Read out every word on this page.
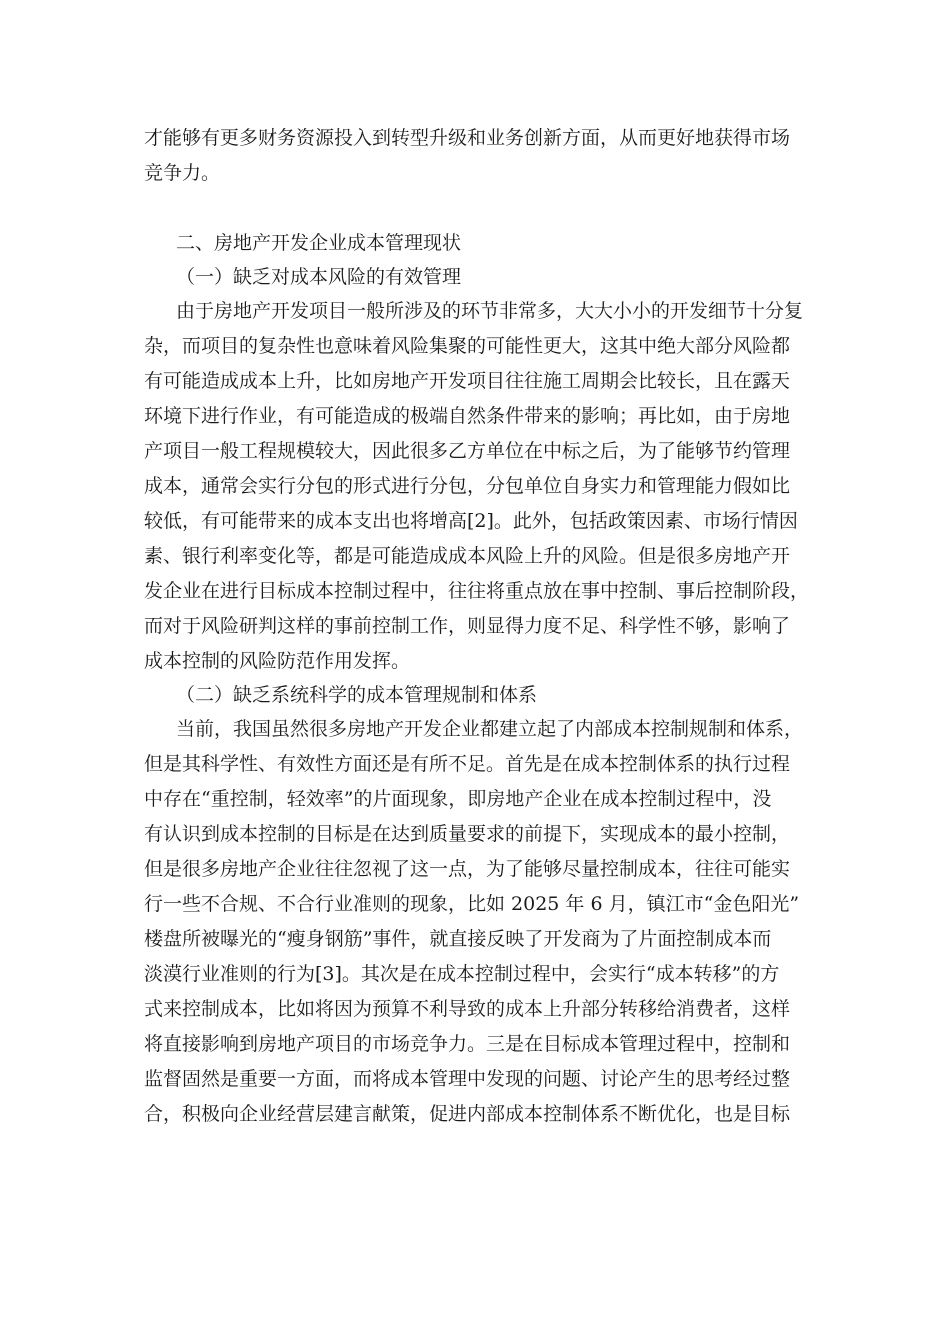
才能够有更多财务资源投入到转型升级和业务创新方面，从而更好地获得市场
竞争力。
二、房地产开发企业成本管理现状
（一）缺乏对成本风险的有效管理
由于房地产开发项目一般所涉及的环节非常多，大大小小的开发细节十分复
杂，而项目的复杂性也意味着风险集聚的可能性更大，这其中绝大部分风险都
有可能造成成本上升，比如房地产开发项目往往施工周期会比较长，且在露天
环境下进行作业，有可能造成的极端自然条件带来的影响；再比如，由于房地
产项目一般工程规模较大，因此很多乙方单位在中标之后，为了能够节约管理
成本，通常会实行分包的形式进行分包，分包单位自身实力和管理能力假如比
较低，有可能带来的成本支出也将增高[2]。此外，包括政策因素、市场行情因
素、银行利率变化等，都是可能造成成本风险上升的风险。但是很多房地产开
发企业在进行目标成本控制过程中，往往将重点放在事中控制、事后控制阶段，
而对于风险研判这样的事前控制工作，则显得力度不足、科学性不够，影响了
成本控制的风险防范作用发挥。
（二）缺乏系统科学的成本管理规制和体系
当前，我国虽然很多房地产开发企业都建立起了内部成本控制规制和体系，
但是其科学性、有效性方面还是有所不足。首先是在成本控制体系的执行过程
中存在“重控制，轻效率”的片面现象，即房地产企业在成本控制过程中，没
有认识到成本控制的目标是在达到质量要求的前提下，实现成本的最小控制，
但是很多房地产企业往往忽视了这一点，为了能够尽量控制成本，往往可能实
行一些不合规、不合行业准则的现象，比如 2025 年 6 月，镇江市“金色阳光”
楼盘所被曝光的“瘦身钢筋”事件，就直接反映了开发商为了片面控制成本而
淡漠行业准则的行为[3]。其次是在成本控制过程中，会实行“成本转移”的方
式来控制成本，比如将因为预算不利导致的成本上升部分转移给消费者，这样
将直接影响到房地产项目的市场竞争力。三是在目标成本管理过程中，控制和
监督固然是重要一方面，而将成本管理中发现的问题、讨论产生的思考经过整
合，积极向企业经营层建言献策，促进内部成本控制体系不断优化，也是目标
